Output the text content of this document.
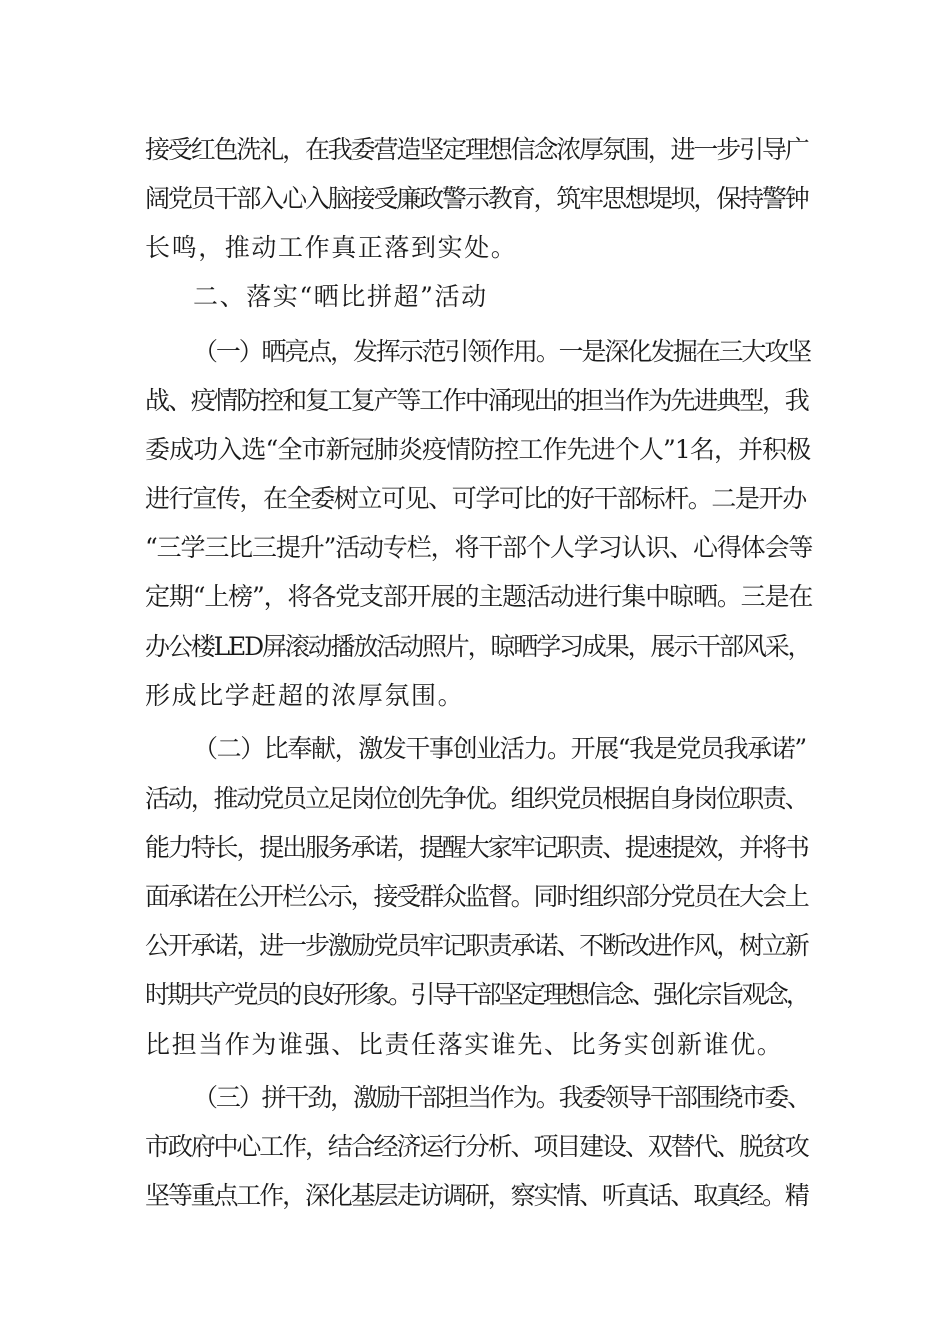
接受红色洗礼，在我委营造坚定理想信念浓厚氛围，进一步引导广
阔党员干部入心入脑接受廉政警示教育，筑牢思想堤坝，保持警钟
长鸣，推动工作真正落到实处。
二、落实“晒比拼超”活动
（一）晒亮点，发挥示范引领作用。一是深化发掘在三大攻坚
战、疫情防控和复工复产等工作中涌现出的担当作为先进典型，我
委成功入选“全市新冠肺炎疫情防控工作先进个人”1名，并积极
进行宣传，在全委树立可见、可学可比的好干部标杆。二是开办
“三学三比三提升”活动专栏，将干部个人学习认识、心得体会等
定期“上榜”，将各党支部开展的主题活动进行集中晾晒。三是在
办公楼LED屏滚动播放活动照片，晾晒学习成果，展示干部风采，
形成比学赶超的浓厚氛围。
（二）比奉献，激发干事创业活力。开展“我是党员我承诺”
活动，推动党员立足岗位创先争优。组织党员根据自身岗位职责、
能力特长，提出服务承诺，提醒大家牢记职责、提速提效，并将书
面承诺在公开栏公示，接受群众监督。同时组织部分党员在大会上
公开承诺，进一步激励党员牢记职责承诺、不断改进作风，树立新
时期共产党员的良好形象。引导干部坚定理想信念、强化宗旨观念，
比担当作为谁强、比责任落实谁先、比务实创新谁优。
（三）拼干劲，激励干部担当作为。我委领导干部围绕市委、
市政府中心工作，结合经济运行分析、项目建设、双替代、脱贫攻
坚等重点工作，深化基层走访调研，察实情、听真话、取真经。精
